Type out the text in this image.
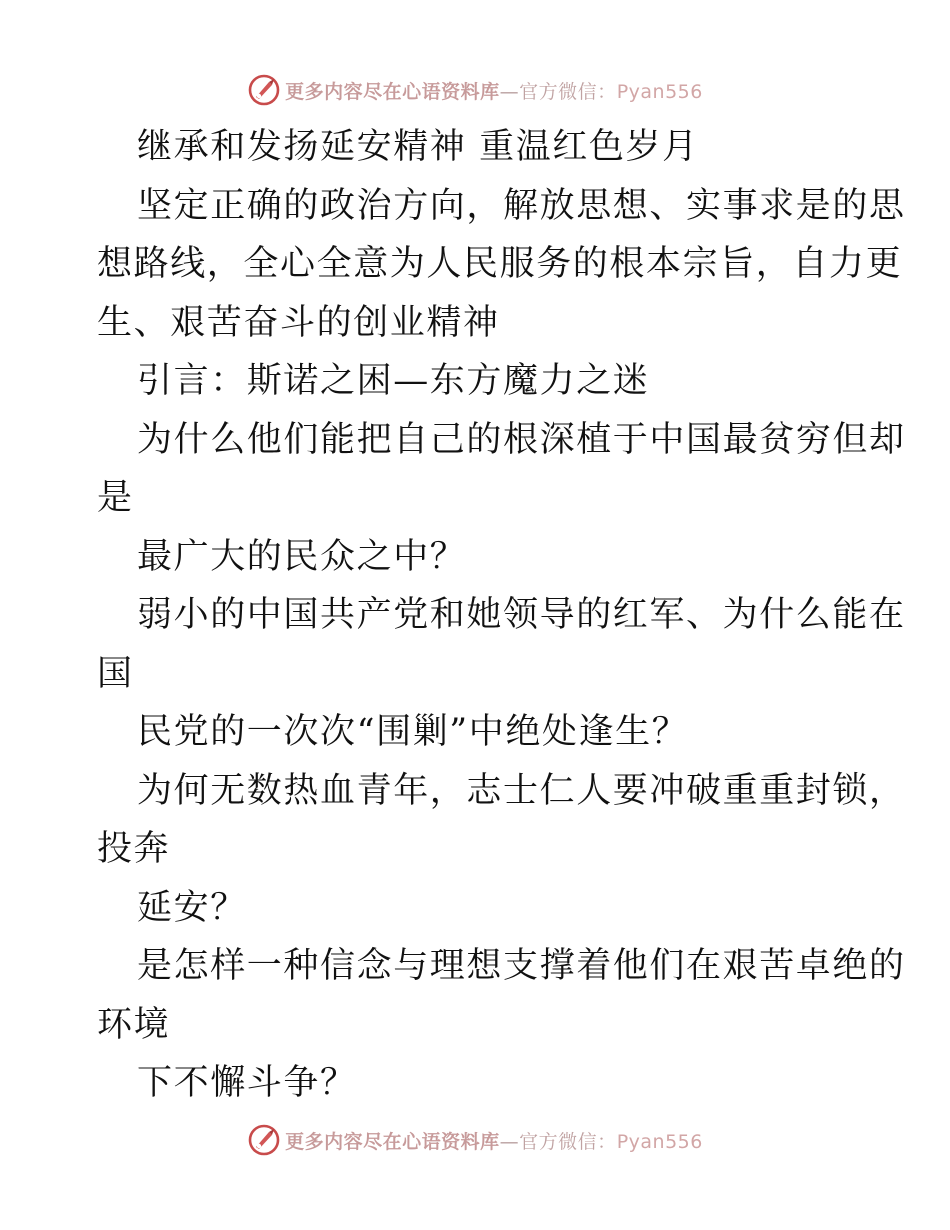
更多内容尽在心语资料库—官方微信：Pyan556
继承和发扬延安精神 重温红色岁月
坚定正确的政治方向，解放思想、实事求是的思
想路线，全心全意为人民服务的根本宗旨，自力更
生、艰苦奋斗的创业精神
引言：斯诺之困—东方魔力之迷
为什么他们能把自己的根深植于中国最贫穷但却
是
最广大的民众之中？
弱小的中国共产党和她领导的红军、为什么能在
国
民党的一次次“围剿”中绝处逢生？
为何无数热血青年，志士仁人要冲破重重封锁，
投奔
延安？
是怎样一种信念与理想支撑着他们在艰苦卓绝的
环境
下不懈斗争？
更多内容尽在心语资料库—官方微信：Pyan556
